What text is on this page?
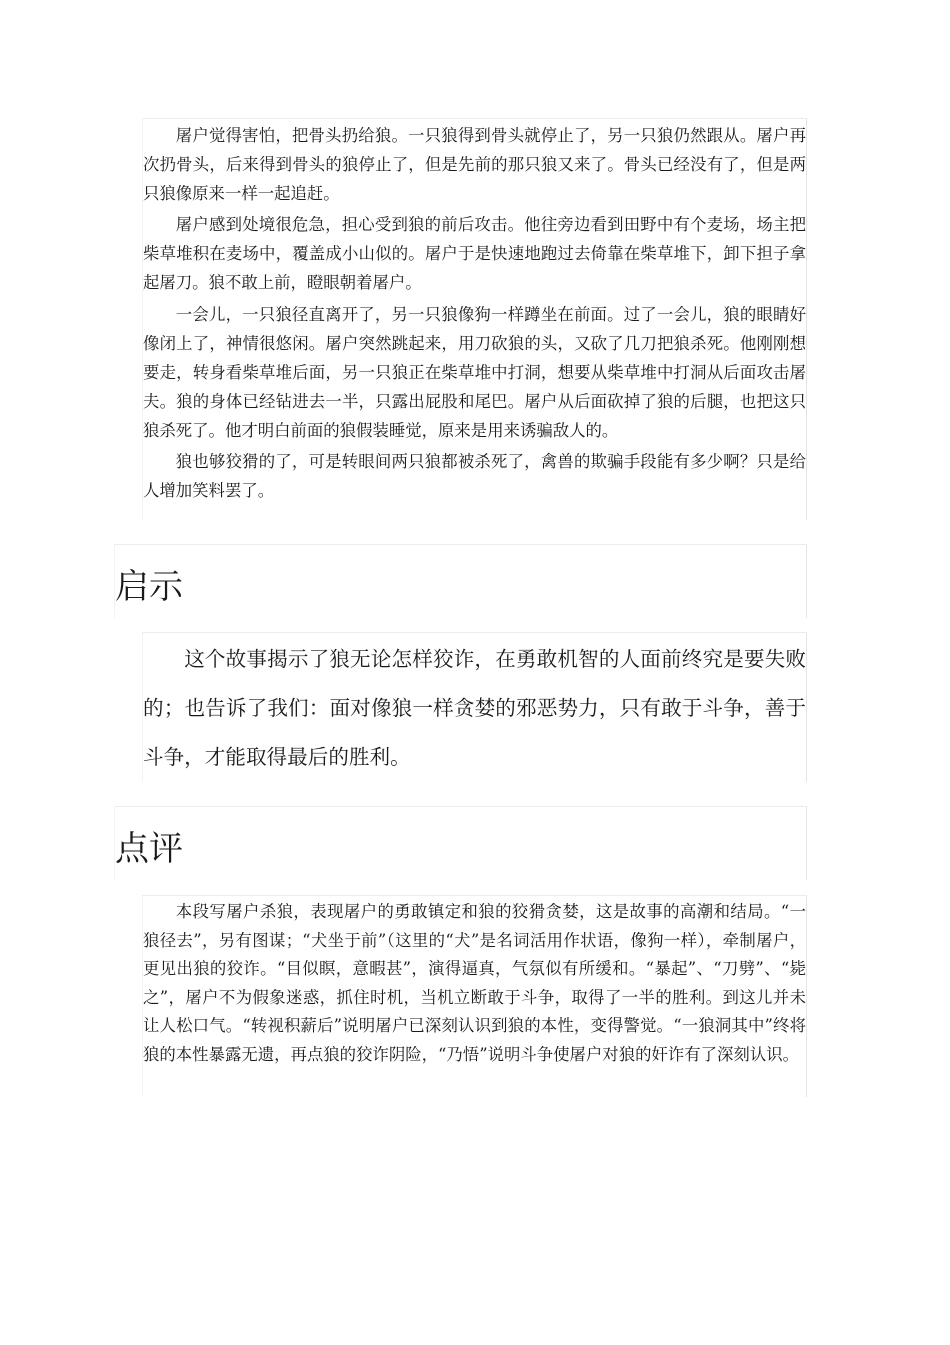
屠户觉得害怕，把骨头扔给狼。一只狼得到骨头就停止了，另一只狼仍然跟从。屠户再次扔骨头，后来得到骨头的狼停止了，但是先前的那只狼又来了。骨头已经没有了，但是两只狼像原来一样一起追赶。

屠户感到处境很危急，担心受到狼的前后攻击。他往旁边看到田野中有个麦场，场主把柴草堆积在麦场中，覆盖成小山似的。屠户于是快速地跑过去倚靠在柴草堆下，卸下担子拿起屠刀。狼不敢上前，瞪眼朝着屠户。

一会儿，一只狼径直离开了，另一只狼像狗一样蹲坐在前面。过了一会儿，狼的眼睛好像闭上了，神情很悠闲。屠户突然跳起来，用刀砍狼的头，又砍了几刀把狼杀死。他刚刚想要走，转身看柴草堆后面，另一只狼正在柴草堆中打洞，想要从柴草堆中打洞从后面攻击屠夫。狼的身体已经钻进去一半，只露出屁股和尾巴。屠户从后面砍掉了狼的后腿，也把这只狼杀死了。他才明白前面的狼假装睡觉，原来是用来诱骗敌人的。

狼也够狡猾的了，可是转眼间两只狼都被杀死了，禽兽的欺骗手段能有多少啊？只是给人增加笑料罢了。

启示

这个故事揭示了狼无论怎样狡诈，在勇敢机智的人面前终究是要失败的；也告诉了我们：面对像狼一样贪婪的邪恶势力，只有敢于斗争，善于斗争，才能取得最后的胜利。

点评

本段写屠户杀狼，表现屠户的勇敢镇定和狼的狡猾贪婪，这是故事的高潮和结局。“一狼径去”，另有图谋；“犬坐于前”（这里的“犬”是名词活用作状语，像狗一样），牵制屠户，更见出狼的狡诈。“目似瞑，意暇甚”，演得逼真，气氛似有所缓和。“暴起”、“刀劈”、“毙之”，屠户不为假象迷惑，抓住时机，当机立断敢于斗争，取得了一半的胜利。到这儿并未让人松口气。“转视积薪后”说明屠户已深刻认识到狼的本性，变得警觉。“一狼洞其中”终将狼的本性暴露无遗，再点狼的狡诈阴险，“乃悟”说明斗争使屠户对狼的奸诈有了深刻认识。
